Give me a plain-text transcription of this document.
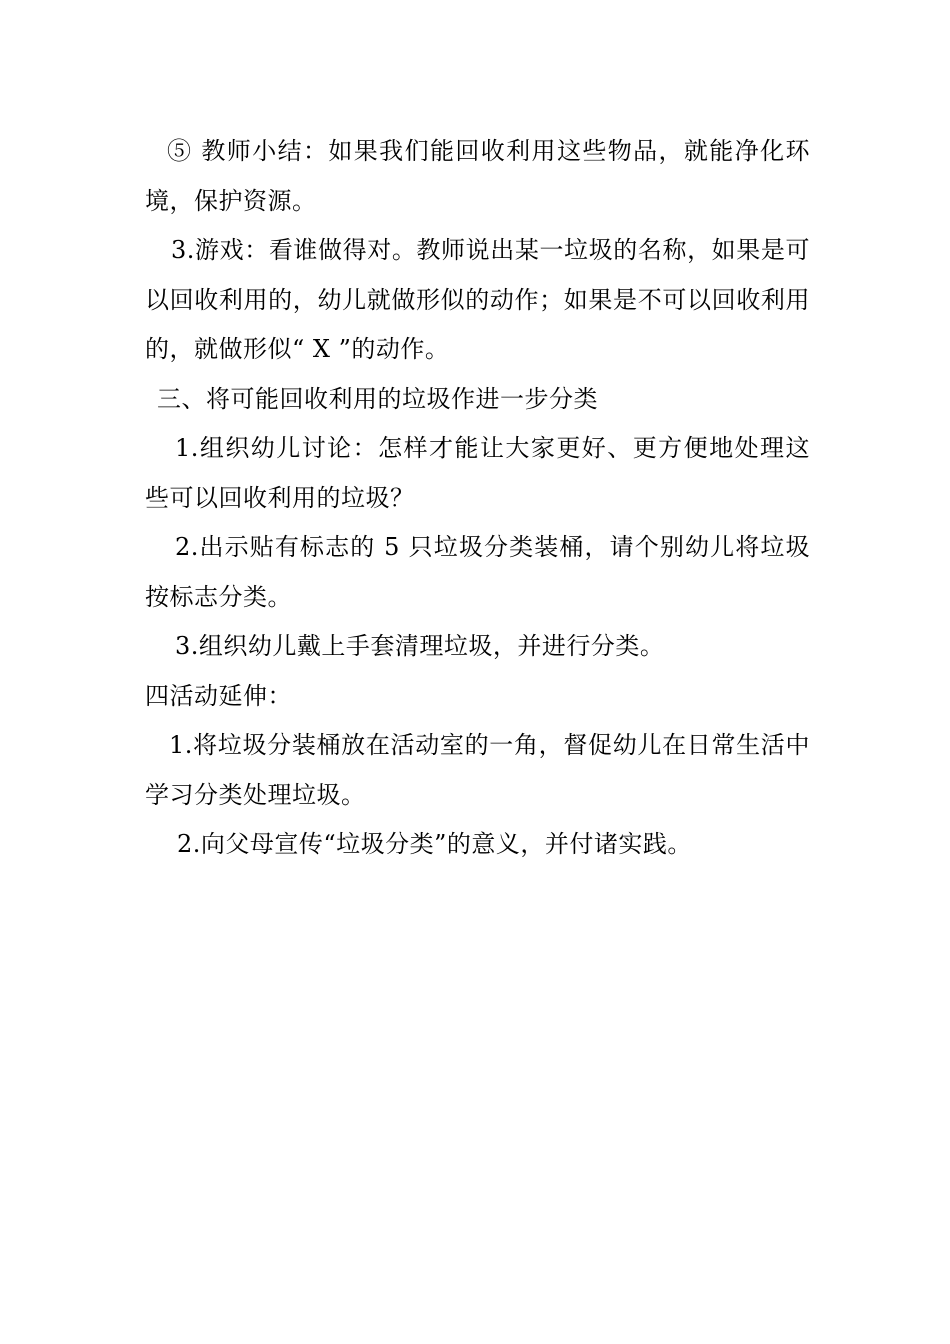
⑤ 教师小结：如果我们能回收利用这些物品，就能净化环境，保护资源。

3.游戏：看谁做得对。教师说出某一垃圾的名称，如果是可以回收利用的，幼儿就做形似的动作；如果是不可以回收利用的，就做形似“ X ”的动作。

三、将可能回收利用的垃圾作进一步分类

1.组织幼儿讨论：怎样才能让大家更好、更方便地处理这些可以回收利用的垃圾？

2.出示贴有标志的 5 只垃圾分类装桶，请个别幼儿将垃圾按标志分类。

3.组织幼儿戴上手套清理垃圾，并进行分类。

四活动延伸：

1.将垃圾分装桶放在活动室的一角，督促幼儿在日常生活中学习分类处理垃圾。

2.向父母宣传“垃圾分类”的意义，并付诸实践。
